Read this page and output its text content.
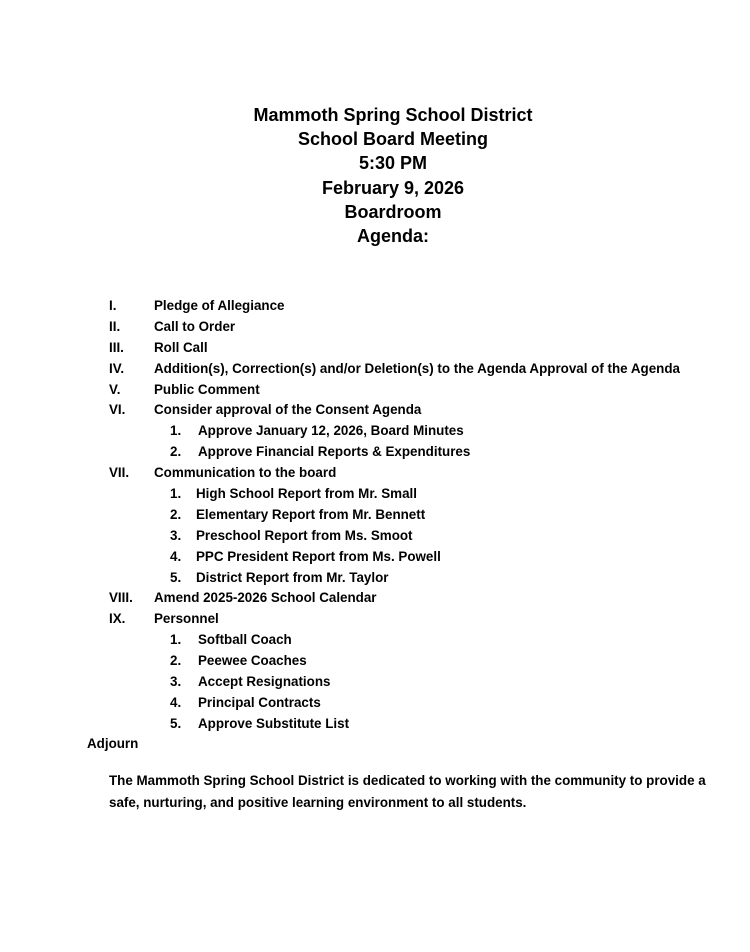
Mammoth Spring School District
School Board Meeting
5:30 PM
February 9, 2026
Boardroom
Agenda:
I.	Pledge of Allegiance
II.	Call to Order
III. Roll Call
IV. Addition(s), Correction(s) and/or Deletion(s) to the Agenda Approval of the Agenda
V.	Public Comment
VI. Consider approval of the Consent Agenda
1. Approve January 12, 2026, Board Minutes
2. Approve Financial Reports & Expenditures
VII. Communication to the board
1. High School Report from Mr. Small
2. Elementary Report from Mr. Bennett
3. Preschool Report from Ms. Smoot
4. PPC President Report from Ms. Powell
5. District Report from Mr. Taylor
VIII. Amend 2025-2026 School Calendar
IX. Personnel
1. Softball Coach
2. Peewee Coaches
3. Accept Resignations
4. Principal Contracts
5. Approve Substitute List
Adjourn
The Mammoth Spring School District is dedicated to working with the community to provide a safe, nurturing, and positive learning environment to all students.
